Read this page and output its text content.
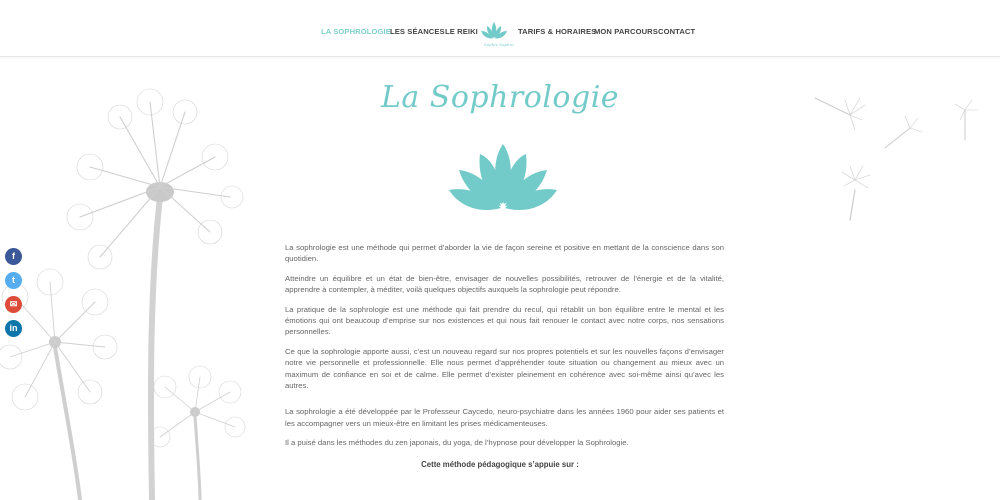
LA SOPHROLOGIE LES SÉANCES LE REIKI
Sophie Sophro
TARIFS & HORAIRES
MON PARCOURS CONTACT
La Sophrologie

La sophrologie est une méthode qui permet d’aborder la vie de façon sereine et positive en mettant de la conscience dans son quotidien.

Atteindre un équilibre et un état de bien-être, envisager de nouvelles possibilités, retrouver de l’énergie et de la vitalité, apprendre à contempler, à méditer, voilà quelques objectifs auxquels la sophrologie peut répondre.

La pratique de la sophrologie est une méthode qui fait prendre du recul, qui rétablit un bon équilibre entre le mental et les émotions qui ont beaucoup d’emprise sur nos existences et qui nous fait renouer le contact avec notre corps, nos sensations personnelles.

Ce que la sophrologie apporte aussi, c’est un nouveau regard sur nos propres potentiels et sur les nouvelles façons d’envisager notre vie personnelle et professionnelle. Elle nous permet d’appréhender toute situation ou changement au mieux avec un maximum de confiance en soi et de calme. Elle permet d’exister pleinement en cohérence avec soi-même ainsi qu’avec les autres.

La sophrologie a été développée par le Professeur Caycedo, neuro-psychiatre dans les années 1960 pour aider ses patients et les accompagner vers un mieux-être en limitant les prises médicamenteuses.

Il a puisé dans les méthodes du zen japonais, du yoga, de l’hypnose pour développer la Sophrologie.

Cette méthode pédagogique s’appuie sur :
f
t
✉
in
